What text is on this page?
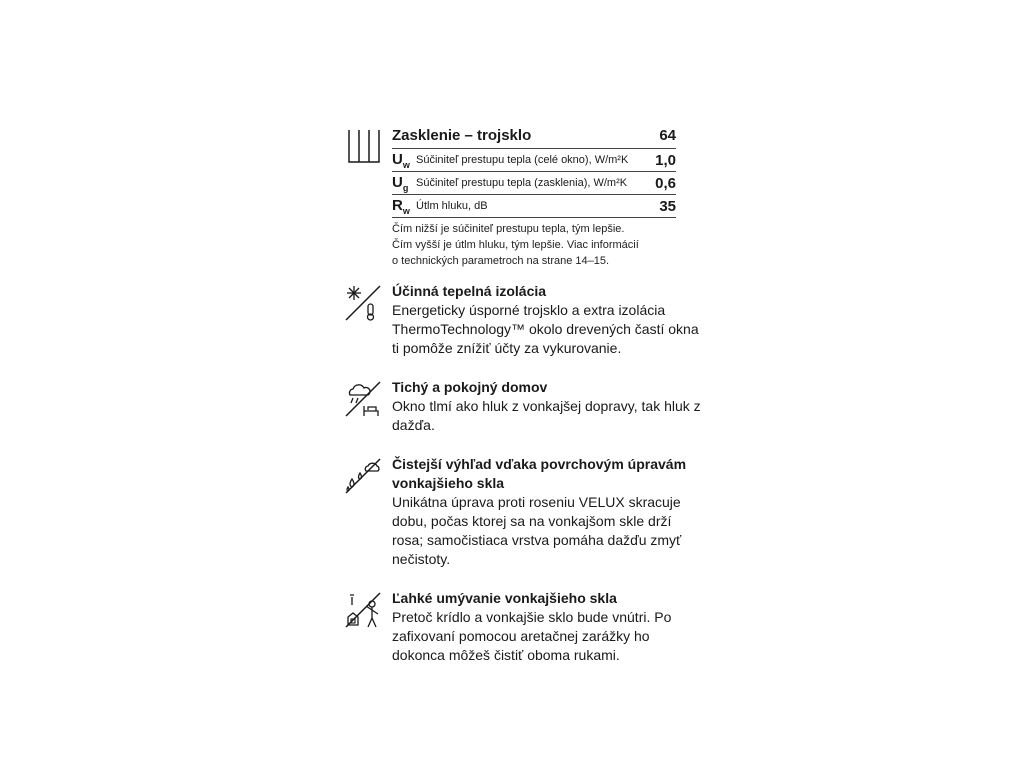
Zasklenie – trojsklo	64
$U_w$ Súčiniteľ prestupu tepla (celé okno), W/m²K	1,0
$U_g$ Súčiniteľ prestupu tepla (zasklenia), W/m²K	0,6
$R_w$ Útlm hluku, dB	35
Čím nižší je súčiniteľ prestupu tepla, tým lepšie.
Čím vyšší je útlm hluku, tým lepšie. Viac informácií
o technických parametroch na strane 14–15.
Účinná tepelná izolácia

Energeticky úsporné trojsklo a extra izolácia ThermoTechnology™ okolo drevených častí okna ti pomôže znížiť účty za vykurovanie.

Tichý a pokojný domov

Okno tlmí ako hluk z vonkajšej dopravy, tak hluk z dažďa.

Čistejší výhľad vďaka povrchovým úpravám vonkajšieho skla

Unikátna úprava proti roseniu VELUX skracuje dobu, počas ktorej sa na vonkajšom skle drží rosa; samočistiaca vrstva pomáha dažďu zmyť nečistoty.

Ľahké umývanie vonkajšieho skla

Pretoč krídlo a vonkajšie sklo bude vnútri. Po zafixovaní pomocou aretačnej zarážky ho dokonca môžeš čistiť oboma rukami.
